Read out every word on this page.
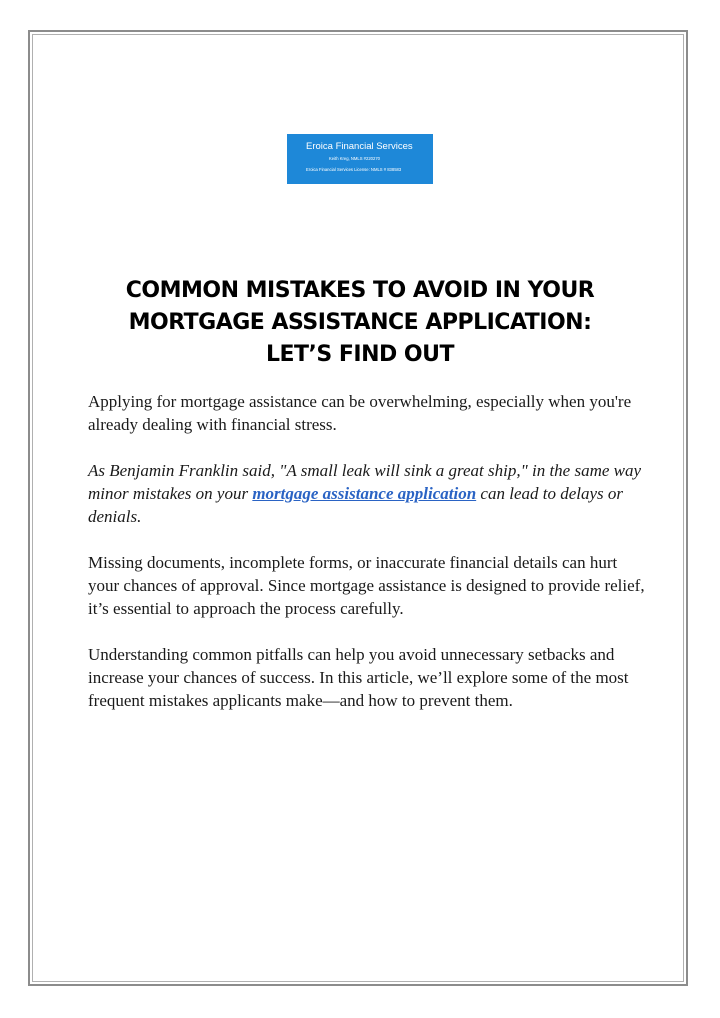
Eroica Financial Services
Keith Kreg, NMLS #220270
Eroica Financial Services License: NMLS # 838583
COMMON MISTAKES TO AVOID IN YOUR
MORTGAGE ASSISTANCE APPLICATION:
LET’S FIND OUT

Applying for mortgage assistance can be overwhelming, especially when you're already dealing with financial stress.

As Benjamin Franklin said, "A small leak will sink a great ship," in the same way minor mistakes on your mortgage assistance application can lead to delays or denials.

Missing documents, incomplete forms, or inaccurate financial details can hurt your chances of approval. Since mortgage assistance is designed to provide relief, it’s essential to approach the process carefully.

Understanding common pitfalls can help you avoid unnecessary setbacks and increase your chances of success. In this article, we’ll explore some of the most frequent mistakes applicants make—and how to prevent them.
